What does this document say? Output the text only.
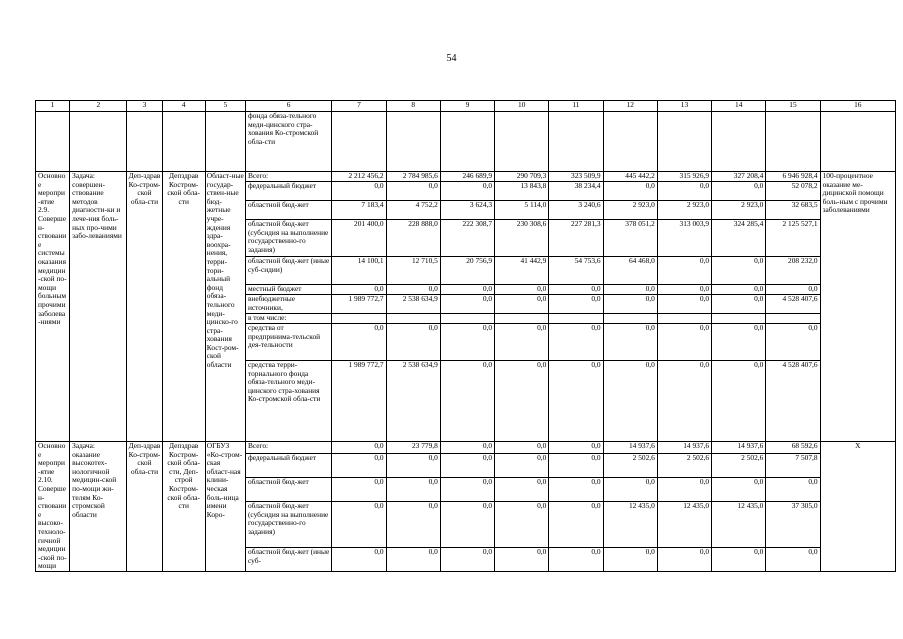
54
1	2	3	4	5	6	7	8	9	10	11	12	13	14	15	16
					фонда обяза-тельного меди-цинского стра-хования Ко-стромской обла-сти										
Основное меропри-ятие 2.9. Совершен-ствование системы оказания медицин-ской по-мощи больным прочими заболева-ниями	Задача: совершен-ствование методов диагности-ки и лече-ния боль-ных про-чими забо-леваниями	Деп-здрав Ко-стром-ской обла-сти	Депздрав Костром-ской обла-сти	Област-ные государ-ствен-ные бюд-жетные учре-ждения здра-воохра-нения, терри-тори-альный фонд обяза-тельного меди-цинско-го стра-хования Кост-ром-ской области	Всего:	2 212 456,2	2 784 985,6	246 689,9	290 709,3	323 509,9	445 442,2	315 926,9	327 208,4	6 946 928,4	100-процентное оказание ме-дицинской помощи боль-ным с прочими заболеваниями
					федеральный бюджет	0,0	0,0	0,0	13 843,8	38 234,4	0,0	0,0	0,0	52 078,2	
					областной бюд-жет	7 183,4	4 752,2	3 624,3	5 114,0	3 240,6	2 923,0	2 923,0	2 923,0	32 683,5	
					областной бюд-жет (субсидия на выполнение государственно-го задания)	201 400,0	228 888,0	222 308,7	230 308,6	227 281,3	378 051,2	313 003,9	324 285,4	2 125 527,1	
					областной бюд-жет (иные суб-сидии)	14 100,1	12 710,5	20 756,9	41 442,9	54 753,6	64 468,0	0,0	0,0	208 232,0	
					местный бюджет	0,0	0,0	0,0	0,0	0,0	0,0	0,0	0,0	0,0	
					внебюджетные источники,	1 989 772,7	2 538 634,9	0,0	0,0	0,0	0,0	0,0	0,0	4 528 407,6	
					в том числе:										
					средства от предпринима-тельской дея-тельности	0,0	0,0	0,0	0,0	0,0	0,0	0,0	0,0	0,0	
					средства терри-ториального фонда обяза-тельного меди-цинского стра-хования Ко-стромской обла-сти	1 989 772,7	2 538 634,9	0,0	0,0	0,0	0,0	0,0	0,0	4 528 407,6	
Основное меропри-ятие 2.10. Совершен-ствование высоко-техноло-гичной медицин-ской по-мощи	Задача: оказание высокотех-нологичной медицин-ской по-мощи жи-телям Ко-стромской области	Деп-здрав Ко-стром-ской обла-сти	Депздрав Костром-ской обла-сти, Деп-строй Костром-ской обла-сти	ОГБУЗ «Ко-стром-ская област-ная клини-ческая боль-ница имени Коро-	Всего:	0,0	23 779,8	0,0	0,0	0,0	14 937,6	14 937,6	14 937,6	68 592,6	Х
					федеральный бюджет	0,0	0,0	0,0	0,0	0,0	2 502,6	2 502,6	2 502,6	7 507,8	
					областной бюд-жет	0,0	0,0	0,0	0,0	0,0	0,0	0,0	0,0	0,0	
					областной бюд-жет (субсидия на выполнение государственно-го задания)	0,0	0,0	0,0	0,0	0,0	12 435,0	12 435,0	12 435,0	37 305,0	
					областной бюд-жет (иные суб-	0,0	0,0	0,0	0,0	0,0	0,0	0,0	0,0	0,0	
